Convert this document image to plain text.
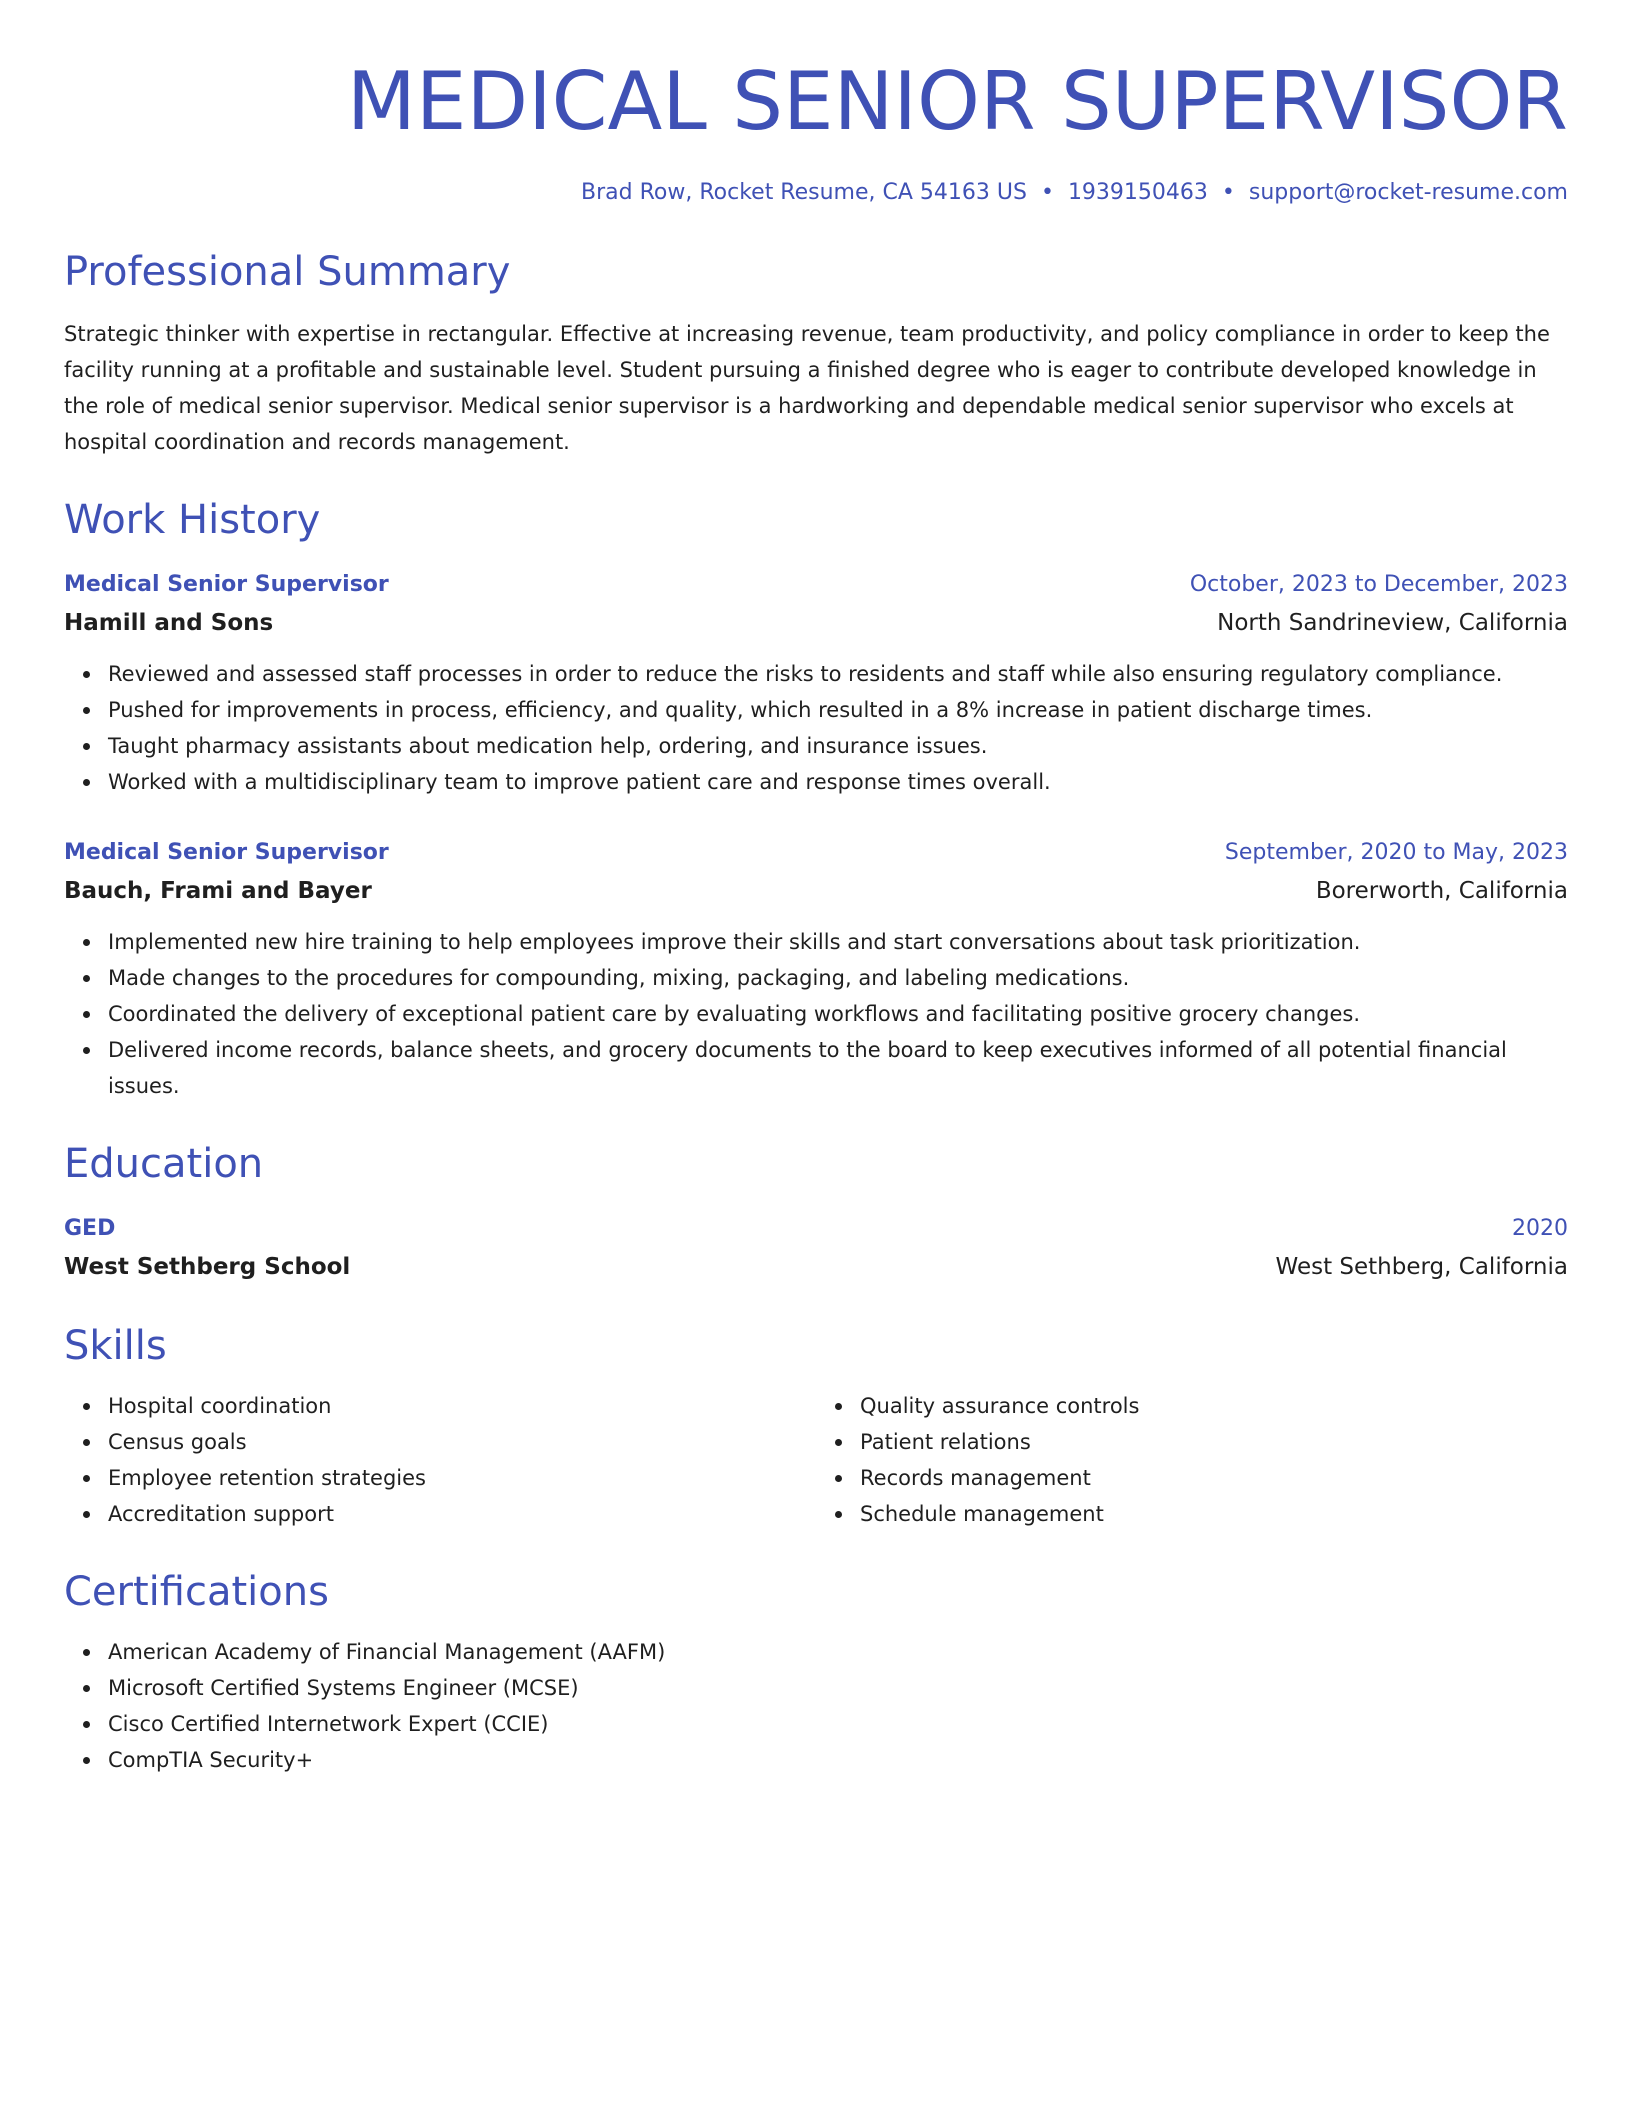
MEDICAL SENIOR SUPERVISOR
Brad Row, Rocket Resume, CA 54163 US • 1939150463 • support@rocket-resume.com
Professional Summary

Strategic thinker with expertise in rectangular. Effective at increasing revenue, team productivity, and policy compliance in order to keep the facility running at a profitable and sustainable level. Student pursuing a finished degree who is eager to contribute developed knowledge in the role of medical senior supervisor. Medical senior supervisor is a hardworking and dependable medical senior supervisor who excels at hospital coordination and records management.

Work History
Medical Senior Supervisor	October, 2023 to December, 2023
Hamill and Sons	North Sandrineview, California
Reviewed and assessed staff processes in order to reduce the risks to residents and staff while also ensuring regulatory compliance.
Pushed for improvements in process, efficiency, and quality, which resulted in a 8% increase in patient discharge times.
Taught pharmacy assistants about medication help, ordering, and insurance issues.
Worked with a multidisciplinary team to improve patient care and response times overall.
Medical Senior Supervisor	September, 2020 to May, 2023
Bauch, Frami and Bayer	Borerworth, California
Implemented new hire training to help employees improve their skills and start conversations about task prioritization.
Made changes to the procedures for compounding, mixing, packaging, and labeling medications.
Coordinated the delivery of exceptional patient care by evaluating workflows and facilitating positive grocery changes.
Delivered income records, balance sheets, and grocery documents to the board to keep executives informed of all potential financial issues.
Education
GED	2020
West Sethberg School	West Sethberg, California
Skills
Hospital coordination
Census goals
Employee retention strategies
Accreditation support
Quality assurance controls
Patient relations
Records management
Schedule management
Certifications
American Academy of Financial Management (AAFM)
Microsoft Certified Systems Engineer (MCSE)
Cisco Certified Internetwork Expert (CCIE)
CompTIA Security+
